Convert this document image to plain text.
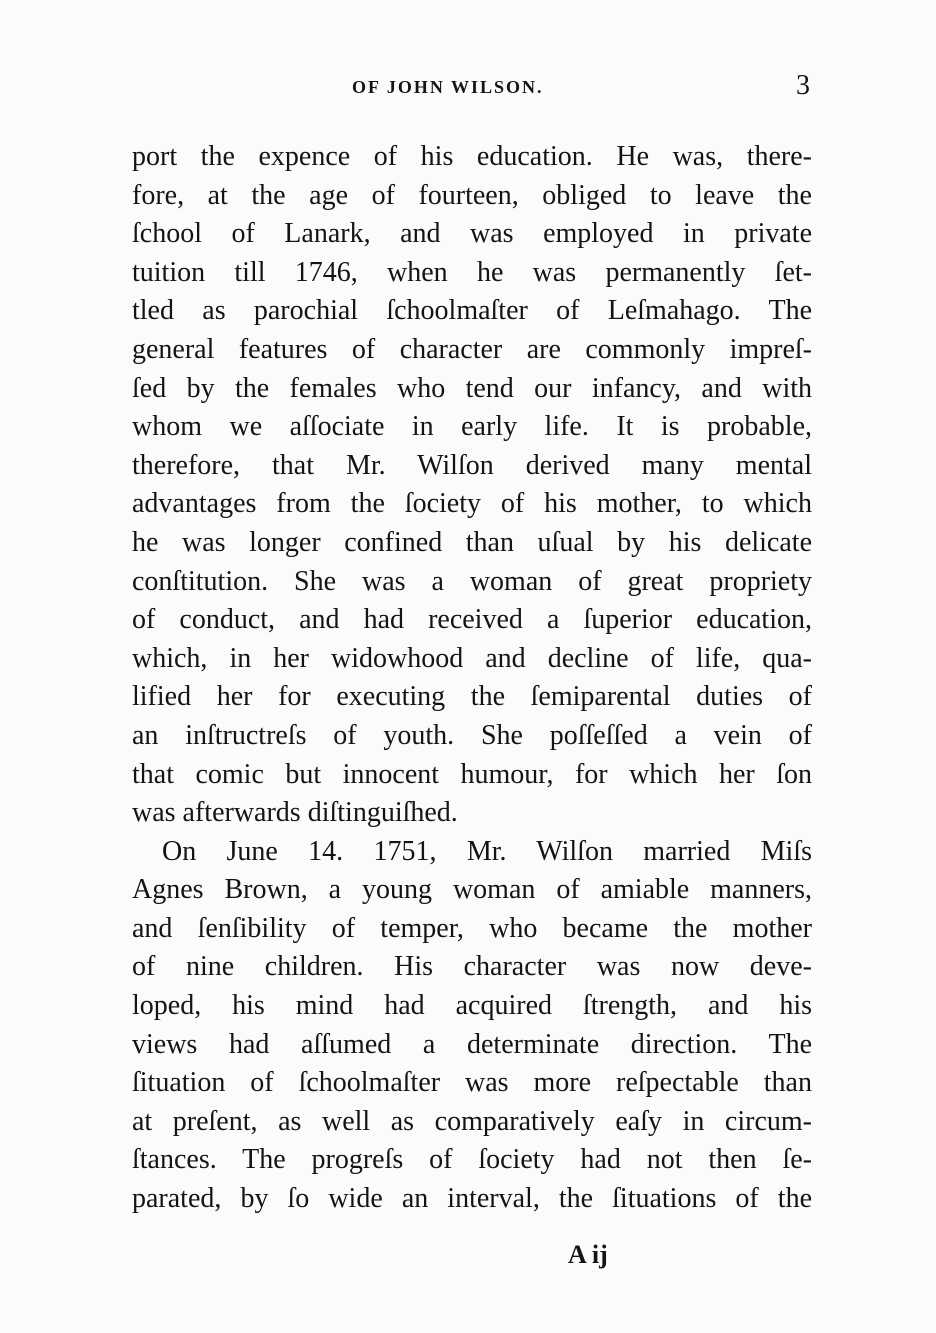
OF JOHN WILSON.	3
port the expence of his education. He was, there-
fore, at the age of fourteen, obliged to leave the
ſchool of Lanark, and was employed in private
tuition till 1746, when he was permanently ſet-
tled as parochial ſchoolmaſter of Leſmahago. The
general features of character are commonly impreſ-
ſed by the females who tend our infancy, and with
whom we aſſociate in early life. It is probable,
therefore, that Mr. Wilſon derived many mental
advantages from the ſociety of his mother, to which
he was longer confined than uſual by his delicate
conſtitution. She was a woman of great propriety
of conduct, and had received a ſuperior education,
which, in her widowhood and decline of life, qua-
lified her for executing the ſemiparental duties of
an inſtructreſs of youth. She poſſeſſed a vein of
that comic but innocent humour, for which her ſon
was afterwards diſtinguiſhed.
On June 14. 1751, Mr. Wilſon married Miſs
Agnes Brown, a young woman of amiable manners,
and ſenſibility of temper, who became the mother
of nine children. His character was now deve-
loped, his mind had acquired ſtrength, and his
views had aſſumed a determinate direction. The
ſituation of ſchoolmaſter was more reſpectable than
at preſent, as well as comparatively eaſy in circum-
ſtances. The progreſs of ſociety had not then ſe-
parated, by ſo wide an interval, the ſituations of the
A ij
